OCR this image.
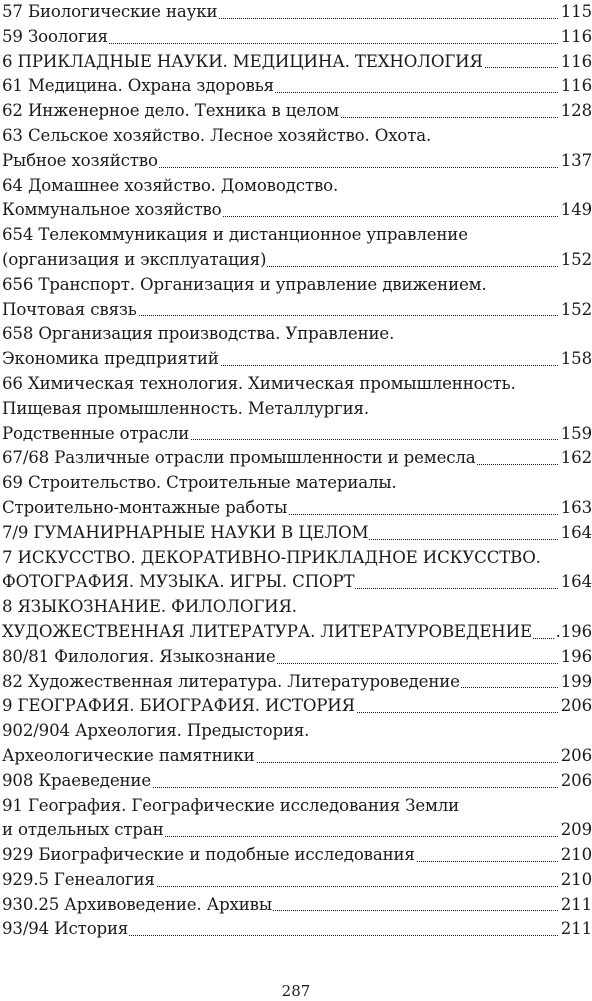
57 Биологические науки	115
59 Зоология	116
6 ПРИКЛАДНЫЕ НАУКИ. МЕДИЦИНА. ТЕХНОЛОГИЯ	116
61 Медицина. Охрана здоровья	116
62 Инженерное дело. Техника в целом	128
63 Сельское хозяйство. Лесное хозяйство. Охота.
Рыбное хозяйство	137
64 Домашнее хозяйство. Домоводство.
Коммунальное хозяйство	149
654 Телекоммуникация и дистанционное управление
(организация и эксплуатация)	152
656 Транспорт. Организация и управление движением.
Почтовая связь	152
658 Организация производства. Управление.
Экономика предприятий	158
66 Химическая технология. Химическая промышленность.
Пищевая промышленность. Металлургия.
Родственные отрасли	159
67/68 Различные отрасли промышленности и ремесла	162
69 Строительство. Строительные материалы.
Строительно-монтажные работы	163
7/9 ГУМАНИРНАРНЫЕ НАУКИ В ЦЕЛОМ	164
7 ИСКУССТВО. ДЕКОРАТИВНО-ПРИКЛАДНОЕ ИСКУССТВО.
ФОТОГРАФИЯ. МУЗЫКА. ИГРЫ. СПОРТ	164
8 ЯЗЫКОЗНАНИЕ. ФИЛОЛОГИЯ.
ХУДОЖЕСТВЕННАЯ ЛИТЕРАТУРА. ЛИТЕРАТУРОВЕДЕНИЕ .196
80/81 Филология. Языкознание	196
82 Художественная литература. Литературоведение	199
9 ГЕОГРАФИЯ. БИОГРАФИЯ. ИСТОРИЯ	206
902/904 Археология. Предыстория.
Археологические памятники	206
908 Краеведение	206
91 География. Географические исследования Земли
и отдельных стран	209
929 Биографические и подобные исследования	210
929.5 Генеалогия	210
930.25 Архивоведение. Архивы	211
93/94 История	211
287
